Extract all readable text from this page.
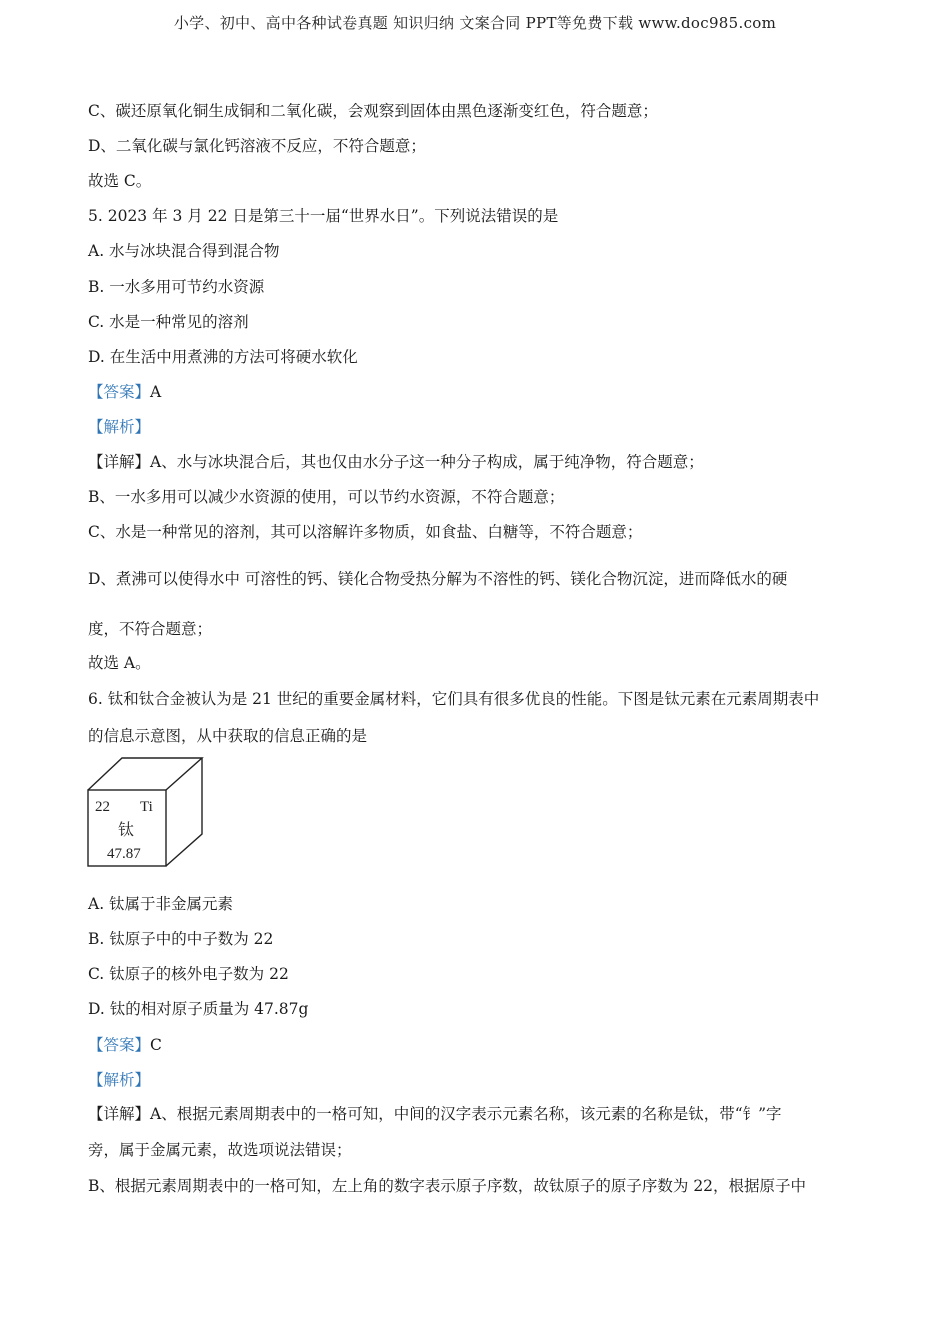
小学、初中、高中各种试卷真题 知识归纳 文案合同 PPT等免费下载 www.doc985.com
C、碳还原氧化铜生成铜和二氧化碳，会观察到固体由黑色逐渐变红色，符合题意；
D、二氧化碳与氯化钙溶液不反应，不符合题意；
故选 C。
5. 2023 年 3 月 22 日是第三十一届“世界水日”。下列说法错误的是
A. 水与冰块混合得到混合物
B. 一水多用可节约水资源
C. 水是一种常见的溶剂
D. 在生活中用煮沸的方法可将硬水软化
【答案】A
【解析】
【详解】A、水与冰块混合后，其也仅由水分子这一种分子构成，属于纯净物，符合题意；
B、一水多用可以减少水资源的使用，可以节约水资源，不符合题意；
C、水是一种常见的溶剂，其可以溶解许多物质，如食盐、白糖等，不符合题意；
D、煮沸可以使得水中 可溶性的钙、镁化合物受热分解为不溶性的钙、镁化合物沉淀，进而降低水的硬
度，不符合题意；
故选 A。
6. 钛和钛合金被认为是 21 世纪的重要金属材料，它们具有很多优良的性能。下图是钛元素在元素周期表中
的信息示意图，从中获取的信息正确的是
22 Ti
钛
47.87
A. 钛属于非金属元素
B. 钛原子中的中子数为 22
C. 钛原子的核外电子数为 22
D. 钛的相对原子质量为 47.87g
【答案】C
【解析】
【详解】A、根据元素周期表中的一格可知，中间的汉字表示元素名称，该元素的名称是钛，带“钅”字
旁，属于金属元素，故选项说法错误；
B、根据元素周期表中的一格可知，左上角的数字表示原子序数，故钛原子的原子序数为 22，根据原子中
